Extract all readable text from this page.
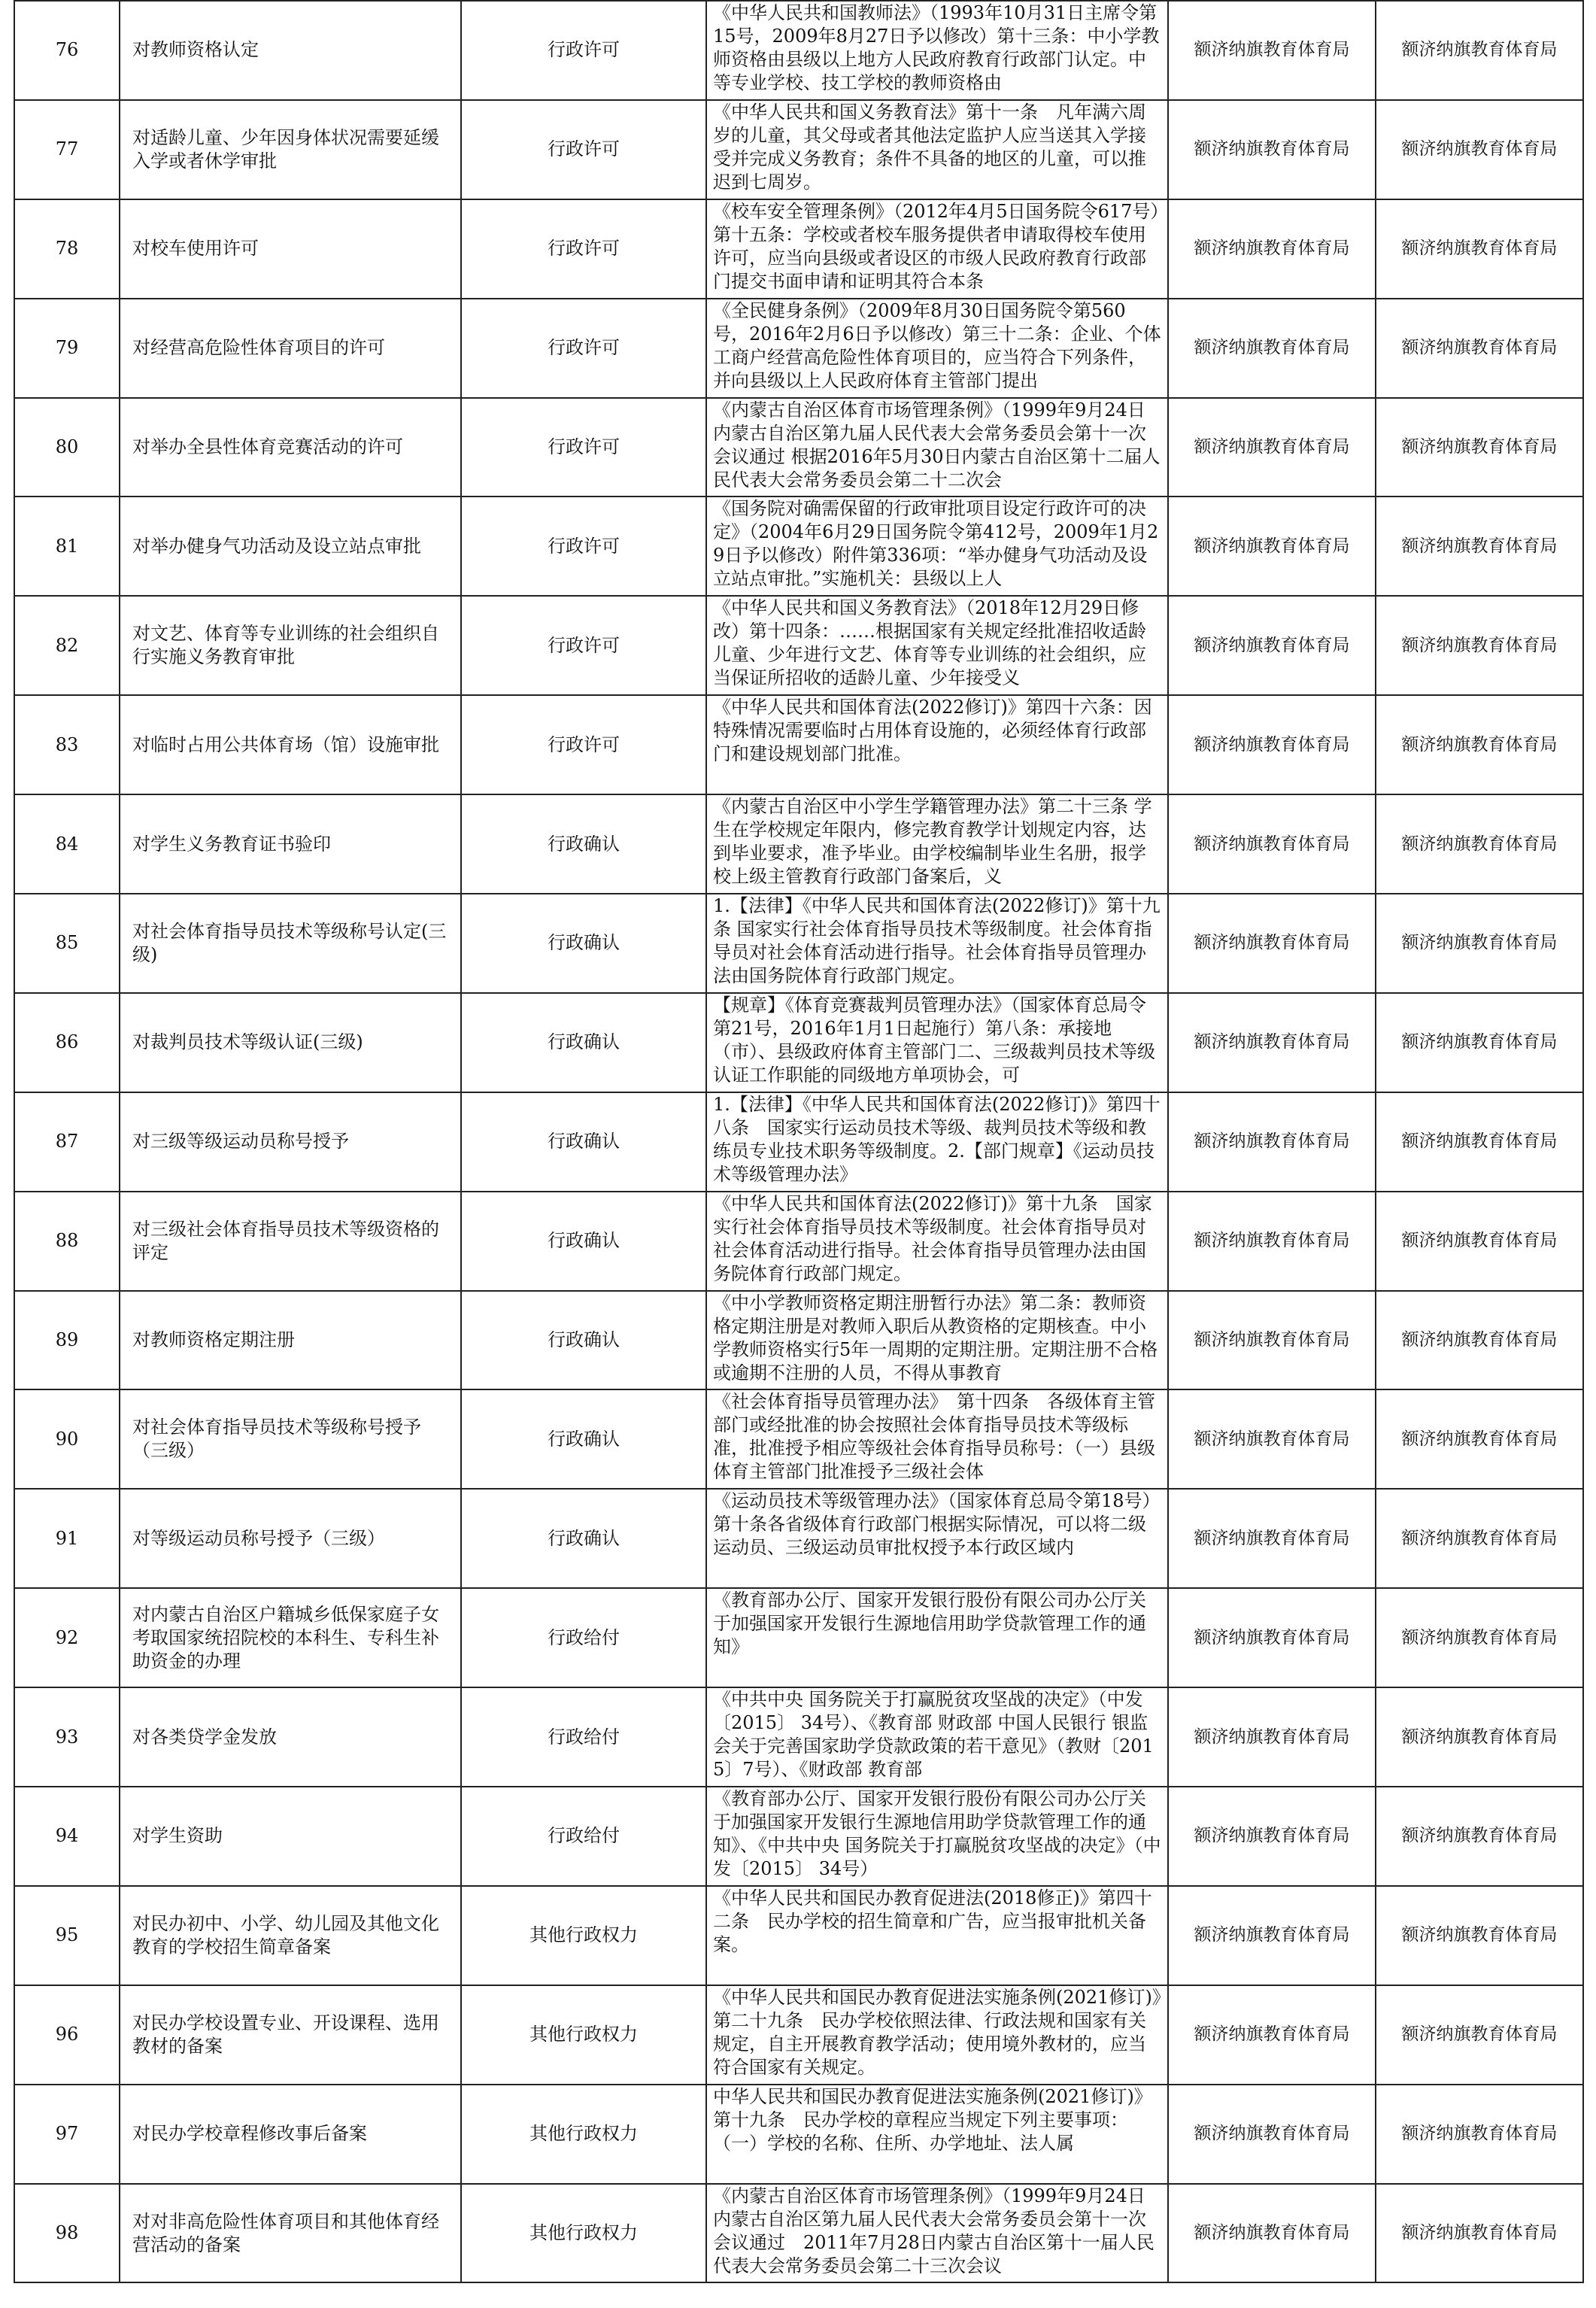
76	对教师资格认定	行政许可	《中华人民共和国教师法》（1993年10月31日主席令第15号，2009年8月27日予以修改）第十三条：中小学教师资格由县级以上地方人民政府教育行政部门认定。中等专业学校、技工学校的教师资格由	额济纳旗教育体育局	额济纳旗教育体育局
77	对适龄儿童、少年因身体状况需要延缓入学或者休学审批	行政许可	《中华人民共和国义务教育法》第十一条　凡年满六周岁的儿童，其父母或者其他法定监护人应当送其入学接受并完成义务教育；条件不具备的地区的儿童，可以推迟到七周岁。	额济纳旗教育体育局	额济纳旗教育体育局
78	对校车使用许可	行政许可	《校车安全管理条例》（2012年4月5日国务院令617号）第十五条：学校或者校车服务提供者申请取得校车使用许可，应当向县级或者设区的市级人民政府教育行政部门提交书面申请和证明其符合本条	额济纳旗教育体育局	额济纳旗教育体育局
79	对经营高危险性体育项目的许可	行政许可	《全民健身条例》（2009年8月30日国务院令第560号，2016年2月6日予以修改）第三十二条：企业、个体工商户经营高危险性体育项目的，应当符合下列条件，并向县级以上人民政府体育主管部门提出	额济纳旗教育体育局	额济纳旗教育体育局
80	对举办全县性体育竞赛活动的许可	行政许可	《内蒙古自治区体育市场管理条例》（1999年9月24日内蒙古自治区第九届人民代表大会常务委员会第十一次会议通过 根据2016年5月30日内蒙古自治区第十二届人民代表大会常务委员会第二十二次会	额济纳旗教育体育局	额济纳旗教育体育局
81	对举办健身气功活动及设立站点审批	行政许可	《国务院对确需保留的行政审批项目设定行政许可的决定》（2004年6月29日国务院令第412号，2009年1月29日予以修改）附件第336项：“举办健身气功活动及设立站点审批。”实施机关：县级以上人	额济纳旗教育体育局	额济纳旗教育体育局
82	对文艺、体育等专业训练的社会组织自行实施义务教育审批	行政许可	《中华人民共和国义务教育法》（2018年12月29日修改）第十四条：……根据国家有关规定经批准招收适龄儿童、少年进行文艺、体育等专业训练的社会组织，应当保证所招收的适龄儿童、少年接受义	额济纳旗教育体育局	额济纳旗教育体育局
83	对临时占用公共体育场（馆）设施审批	行政许可	《中华人民共和国体育法(2022修订)》第四十六条：因特殊情况需要临时占用体育设施的，必须经体育行政部门和建设规划部门批准。	额济纳旗教育体育局	额济纳旗教育体育局
84	对学生义务教育证书验印	行政确认	《内蒙古自治区中小学生学籍管理办法》第二十三条 学生在学校规定年限内，修完教育教学计划规定内容，达到毕业要求，准予毕业。由学校编制毕业生名册，报学校上级主管教育行政部门备案后，义	额济纳旗教育体育局	额济纳旗教育体育局
85	对社会体育指导员技术等级称号认定(三级)	行政确认	1.【法律】《中华人民共和国体育法(2022修订)》第十九条 国家实行社会体育指导员技术等级制度。社会体育指导员对社会体育活动进行指导。社会体育指导员管理办法由国务院体育行政部门规定。	额济纳旗教育体育局	额济纳旗教育体育局
86	对裁判员技术等级认证(三级)	行政确认	【规章】《体育竞赛裁判员管理办法》（国家体育总局令第21号，2016年1月1日起施行）第八条：承接地（市）、县级政府体育主管部门二、三级裁判员技术等级认证工作职能的同级地方单项协会，可	额济纳旗教育体育局	额济纳旗教育体育局
87	对三级等级运动员称号授予	行政确认	1.【法律】《中华人民共和国体育法(2022修订)》第四十八条　国家实行运动员技术等级、裁判员技术等级和教练员专业技术职务等级制度。2.【部门规章】《运动员技术等级管理办法》	额济纳旗教育体育局	额济纳旗教育体育局
88	对三级社会体育指导员技术等级资格的评定	行政确认	《中华人民共和国体育法(2022修订)》第十九条　国家实行社会体育指导员技术等级制度。社会体育指导员对社会体育活动进行指导。社会体育指导员管理办法由国务院体育行政部门规定。	额济纳旗教育体育局	额济纳旗教育体育局
89	对教师资格定期注册	行政确认	《中小学教师资格定期注册暂行办法》第二条：教师资格定期注册是对教师入职后从教资格的定期核查。中小学教师资格实行5年一周期的定期注册。定期注册不合格或逾期不注册的人员，不得从事教育	额济纳旗教育体育局	额济纳旗教育体育局
90	对社会体育指导员技术等级称号授予（三级）	行政确认	《社会体育指导员管理办法》　第十四条　各级体育主管部门或经批准的协会按照社会体育指导员技术等级标准，批准授予相应等级社会体育指导员称号：（一）县级体育主管部门批准授予三级社会体	额济纳旗教育体育局	额济纳旗教育体育局
91	对等级运动员称号授予（三级）	行政确认	《运动员技术等级管理办法》（国家体育总局令第18号）第十条各省级体育行政部门根据实际情况，可以将二级运动员、三级运动员审批权授予本行政区域内	额济纳旗教育体育局	额济纳旗教育体育局
92	对内蒙古自治区户籍城乡低保家庭子女考取国家统招院校的本科生、专科生补助资金的办理	行政给付	《教育部办公厅、国家开发银行股份有限公司办公厅关于加强国家开发银行生源地信用助学贷款管理工作的通知》	额济纳旗教育体育局	额济纳旗教育体育局
93	对各类贷学金发放	行政给付	《中共中央 国务院关于打赢脱贫攻坚战的决定》（中发〔2015〕 34号）、《教育部 财政部 中国人民银行 银监会关于完善国家助学贷款政策的若干意见》（教财〔2015〕7号）、《财政部 教育部	额济纳旗教育体育局	额济纳旗教育体育局
94	对学生资助	行政给付	《教育部办公厅、国家开发银行股份有限公司办公厅关于加强国家开发银行生源地信用助学贷款管理工作的通知》、《中共中央 国务院关于打赢脱贫攻坚战的决定》（中发〔2015〕 34号）	额济纳旗教育体育局	额济纳旗教育体育局
95	对民办初中、小学、幼儿园及其他文化教育的学校招生简章备案	其他行政权力	《中华人民共和国民办教育促进法(2018修正)》第四十二条　民办学校的招生简章和广告，应当报审批机关备案。	额济纳旗教育体育局	额济纳旗教育体育局
96	对民办学校设置专业、开设课程、选用教材的备案	其他行政权力	《中华人民共和国民办教育促进法实施条例(2021修订)》第二十九条　民办学校依照法律、行政法规和国家有关规定，自主开展教育教学活动；使用境外教材的，应当符合国家有关规定。	额济纳旗教育体育局	额济纳旗教育体育局
97	对民办学校章程修改事后备案	其他行政权力	中华人民共和国民办教育促进法实施条例(2021修订)》第十九条　民办学校的章程应当规定下列主要事项：（一）学校的名称、住所、办学地址、法人属	额济纳旗教育体育局	额济纳旗教育体育局
98	对对非高危险性体育项目和其他体育经营活动的备案	其他行政权力	《内蒙古自治区体育市场管理条例》（1999年9月24日内蒙古自治区第九届人民代表大会常务委员会第十一次会议通过　2011年7月28日内蒙古自治区第十一届人民代表大会常务委员会第二十三次会议	额济纳旗教育体育局	额济纳旗教育体育局
